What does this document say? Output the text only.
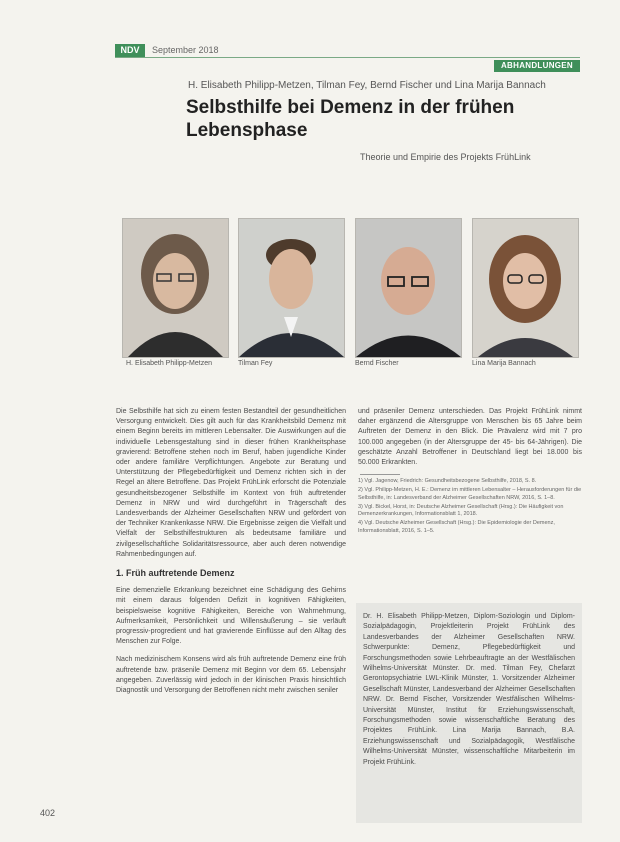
NDV	September 2018
ABHANDLUNGEN
H. Elisabeth Philipp-Metzen, Tilman Fey, Bernd Fischer und Lina Marija Bannach
Selbsthilfe bei Demenz in der frühen Lebensphase
Theorie und Empirie des Projekts FrühLink
H. Elisabeth Philipp-Metzen	Tilman Fey	Bernd Fischer	Lina Marija Bannach

Die Selbsthilfe hat sich zu einem festen Bestandteil der gesundheitlichen Versorgung entwickelt. Dies gilt auch für das Krankheitsbild Demenz mit einem Beginn bereits im mittleren Lebensalter. Die Auswirkungen auf die individuelle Lebensgestaltung sind in dieser frühen Krankheitsphase gravierend: Betroffene stehen noch im Beruf, haben jugendliche Kinder oder andere familiäre Verpflichtungen. Angebote zur Beratung und Unterstützung der Pflegebedürftigkeit und Demenz richten sich in der Regel an ältere Betroffene. Das Projekt FrühLink erforscht die Potenziale gesundheitsbezogener Selbsthilfe im Kontext von früh auftretender Demenz in NRW und wird durchgeführt in Trägerschaft des Landesverbands der Alzheimer Gesellschaften NRW und gefördert von der Techniker Krankenkasse NRW. Die Ergebnisse zeigen die Vielfalt und Vielfalt der Selbsthilfestrukturen als bedeutsame familiäre und zivilgesellschaftliche Solidaritätsressource, aber auch deren notwendige Rahmenbedingungen auf.

1. Früh auftretende Demenz

Eine demenzielle Erkrankung bezeichnet eine Schädigung des Gehirns mit einem daraus folgenden Defizit in kognitiven Fähigkeiten, beispielsweise kognitive Fähigkeiten, Bereiche von Wahrnehmung, Aufmerksamkeit, Persönlichkeit und Willensäußerung – sie verläuft progressiv-progredient und hat gravierende Einflüsse auf den Alltag des Menschen zur Folge.

Nach medizinischem Konsens wird als früh auftretende Demenz eine früh auftretende bzw. präsenile Demenz mit Beginn vor dem 65. Lebensjahr angegeben. Zuverlässig wird jedoch in der klinischen Praxis hinsichtlich Diagnostik und Versorgung der Betroffenen nicht mehr zwischen seniler

und präseniler Demenz unterschieden. Das Projekt FrühLink nimmt daher ergänzend die Altersgruppe von Menschen bis 65 Jahre beim Auftreten der Demenz in den Blick. Die Prävalenz wird mit 7 pro 100.000 angegeben (in der Altersgruppe der 45- bis 64-Jährigen). Die geschätzte Anzahl Betroffener in Deutschland liegt bei 18.000 bis 50.000 Erkrankten.

1) Vgl. Jagenow, Friedrich: Gesundheitsbezogene Selbsthilfe, 2018, S. 8.

2) Vgl. Philipp-Metzen, H. E.: Demenz im mittleren Lebensalter – Herausforderungen für die Selbsthilfe, in: Landesverband der Alzheimer Gesellschaften NRW, 2016, S. 1–8.

3) Vgl. Bickel, Horst, in: Deutsche Alzheimer Gesellschaft (Hrsg.): Die Häufigkeit von Demenzerkrankungen, Informationsblatt 1, 2018.

4) Vgl. Deutsche Alzheimer Gesellschaft (Hrsg.): Die Epidemiologie der Demenz, Informationsblatt, 2016, S. 1–5.

Dr. H. Elisabeth Philipp-Metzen, Diplom-Soziologin und Diplom-Sozialpädagogin, Projektleiterin Projekt FrühLink des Landesverbandes der Alzheimer Gesellschaften NRW. Schwerpunkte: Demenz, Pflegebedürftigkeit und Forschungsmethoden sowie Lehrbeauftragte an der Westfälischen Wilhelms-Universität Münster. Dr. med. Tilman Fey, Chefarzt Gerontopsychiatrie LWL-Klinik Münster, 1. Vorsitzender Alzheimer Gesellschaft Münster, Landesverband der Alzheimer Gesellschaften NRW. Dr. Bernd Fischer, Vorsitzender Westfälischen Wilhelms-Universität Münster, Institut für Erziehungswissenschaft, Forschungsmethoden sowie wissenschaftliche Beratung des Projektes FrühLink. Lina Marija Bannach, B.A. Erziehungswissenschaft und Sozialpädagogik, Westfälische Wilhelms-Universität Münster, wissenschaftliche Mitarbeiterin im Projekt FrühLink.
402
